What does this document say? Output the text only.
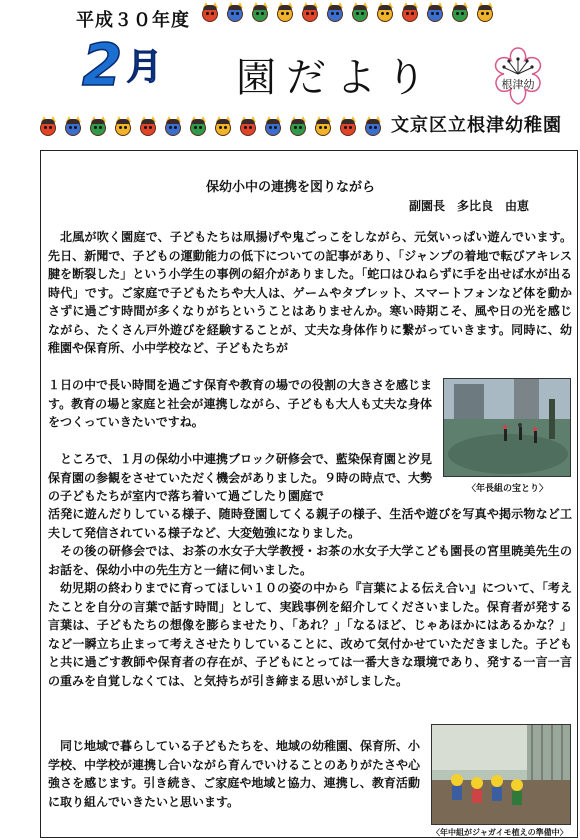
平成３０年度
2 月 園だより	根津幼
文京区立根津幼稚園
保幼小中の連携を図りながら
副園長　多比良　由恵

北風が吹く園庭で、子どもたちは凧揚げや鬼ごっこをしながら、元気いっぱい遊んでいます。先日、新聞で、子どもの運動能力の低下についての記事があり、「ジャンプの着地で転びアキレス腱を断裂した」という小学生の事例の紹介がありました。「蛇口はひねらずに手を出せば水が出る時代」です。ご家庭で子どもたちや大人は、ゲームやタブレット、スマートフォンなど体を動かさずに過ごす時間が多くなりがちということはありませんか。寒い時期こそ、風や日の光を感じながら、たくさん戸外遊びを経験することが、丈夫な身体作りに繋がっていきます。同時に、幼稚園や保育所、小中学校など、子どもたちが

１日の中で長い時間を過ごす保育や教育の場での役割の大きさを感じます。教育の場と家庭と社会が連携しながら、子どもも大人も丈夫な身体をつくっていきたいですね。

〈年長組の宝とり〉

ところで、１月の保幼小中連携ブロック研修会で、藍染保育園と汐見保育園の参観をさせていただく機会がありました。９時の時点で、大勢の子どもたちが室内で落ち着いて過ごしたり園庭で

活発に遊んだりしている様子、随時登園してくる親子の様子、生活や遊びを写真や掲示物など工夫して発信されている様子など、大変勉強になりました。

その後の研修会では、お茶の水女子大学教授・お茶の水女子大学こども園長の宮里暁美先生のお話を、保幼小中の先生方と一緒に伺いました。

幼児期の終わりまでに育ってほしい１０の姿の中から『言葉による伝え合い』について、「考えたことを自分の言葉で話す時間」として、実践事例を紹介してくださいました。保育者が発する言葉は、子どもたちの想像を膨らませたり、「あれ？」「なるほど、じゃあほかにはあるかな？」など一瞬立ち止まって考えさせたりしていることに、改めて気付かせていただきました。子どもと共に過ごす教師や保育者の存在が、子どもにとっては一番大きな環境であり、発する一言一言の重みを自覚しなくては、と気持ちが引き締まる思いがしました。

同じ地域で暮らしている子どもたちを、地域の幼稚園、保育所、小学校、中学校が連携し合いながら育んでいけることのありがたさや心強さを感じます。引き続き、ご家庭や地域と協力、連携し、教育活動に取り組んでいきたいと思います。

〈年中組がジャガイモ植えの準備中〉
